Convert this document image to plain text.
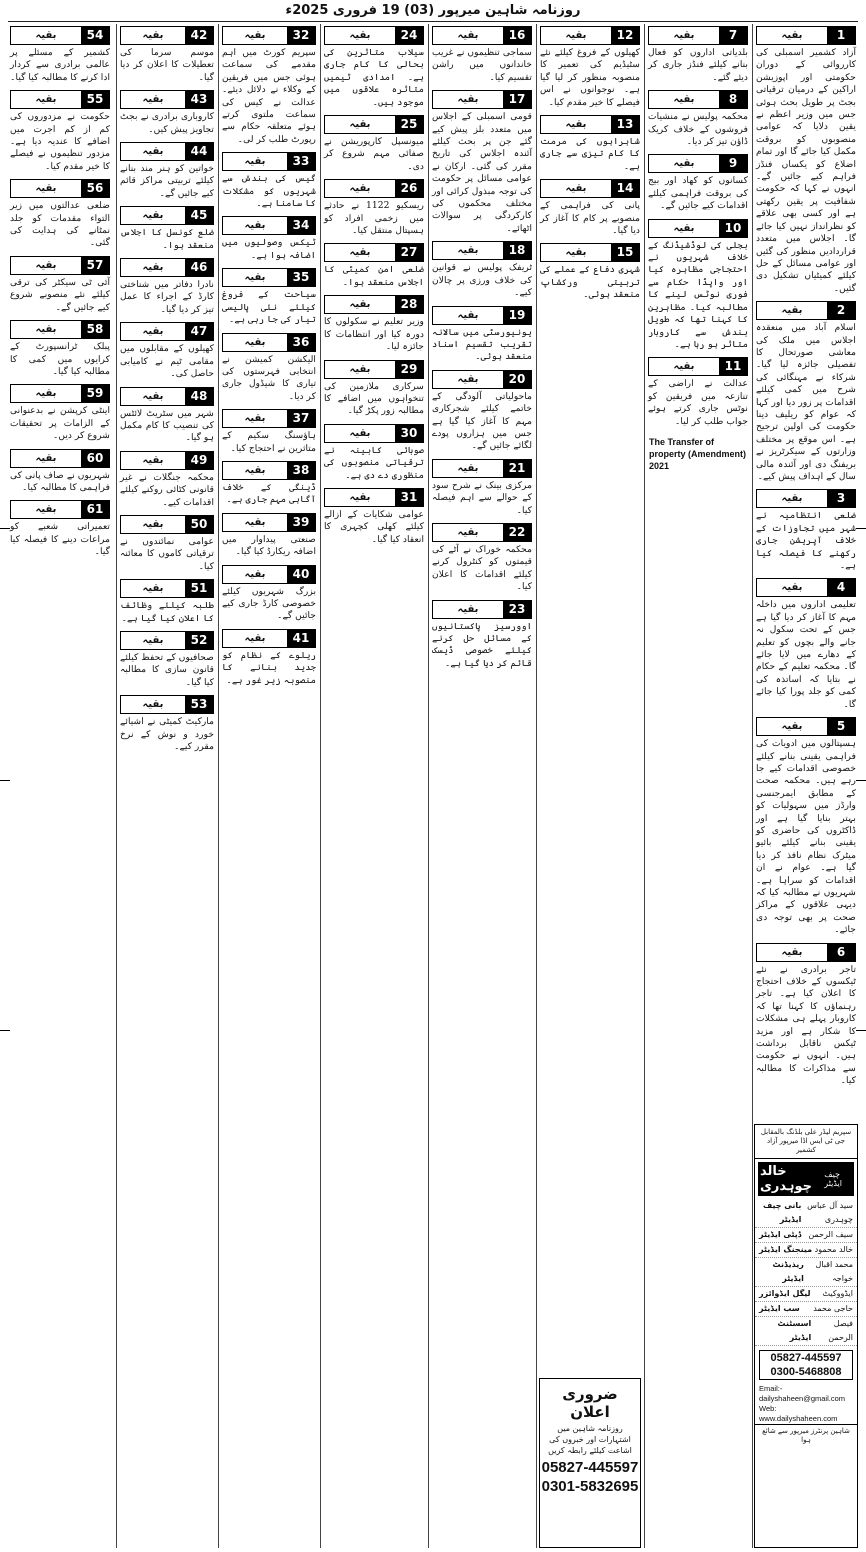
روزنامہ شاہین میرپور (03) 19 فروری 2025ء
1
بقیہ
آزاد کشمیر اسمبلی کی کارروائی کے دوران حکومتی اور اپوزیشن اراکین کے درمیان ترقیاتی بجٹ پر طویل بحث ہوئی جس میں وزیر اعظم نے یقین دلایا کہ عوامی منصوبوں کو بروقت مکمل کیا جائے گا اور تمام اضلاع کو یکساں فنڈز فراہم کیے جائیں گے۔ انہوں نے کہا کہ حکومت شفافیت پر یقین رکھتی ہے اور کسی بھی علاقے کو نظرانداز نہیں کیا جائے گا۔ اجلاس میں متعدد قراردادیں منظور کی گئیں اور عوامی مسائل کے حل کیلئے کمیٹیاں تشکیل دی گئیں۔
2
بقیہ
اسلام آباد میں منعقدہ اجلاس میں ملک کی معاشی صورتحال کا تفصیلی جائزہ لیا گیا۔ شرکاء نے مہنگائی کی شرح میں کمی کیلئے اقدامات پر زور دیا اور کہا کہ عوام کو ریلیف دینا حکومت کی اولین ترجیح ہے۔ اس موقع پر مختلف وزارتوں کے سیکرٹریز نے بریفنگ دی اور آئندہ مالی سال کے اہداف پیش کیے۔
3
بقیہ
ضلعی انتظامیہ نے شہر میں تجاوزات کے خلاف آپریشن جاری رکھنے کا فیصلہ کیا ہے۔
4
بقیہ
تعلیمی اداروں میں داخلہ مہم کا آغاز کر دیا گیا ہے جس کے تحت سکول نہ جانے والے بچوں کو تعلیم کے دھارے میں لایا جائے گا۔ محکمہ تعلیم کے حکام نے بتایا کہ اساتذہ کی کمی کو جلد پورا کیا جائے گا۔
5
بقیہ
ہسپتالوں میں ادویات کی فراہمی یقینی بنانے کیلئے خصوصی اقدامات کیے جا رہے ہیں۔ محکمہ صحت کے مطابق ایمرجنسی وارڈز میں سہولیات کو بہتر بنایا گیا ہے اور ڈاکٹروں کی حاضری کو یقینی بنانے کیلئے بائیو میٹرک نظام نافذ کر دیا گیا ہے۔ عوام نے ان اقدامات کو سراہا ہے۔ شہریوں نے مطالبہ کیا کہ دیہی علاقوں کے مراکز صحت پر بھی توجہ دی جائے۔
6
بقیہ
تاجر برادری نے نئے ٹیکسوں کے خلاف احتجاج کا اعلان کیا ہے۔ تاجر رہنماؤں کا کہنا تھا کہ کاروبار پہلے ہی مشکلات کا شکار ہے اور مزید ٹیکس ناقابل برداشت ہیں۔ انہوں نے حکومت سے مذاکرات کا مطالبہ کیا۔
سپریم لیڈر علی بلڈنگ بالمقابل جی ٹی ایس اڈا میرپور آزاد کشمیر
چیف ایڈیٹر
خالد چوہدری
بانی چیف ایڈیٹر
سید آل عباس چوہدری
ڈپٹی ایڈیٹر سیف الرحمن
مینجنگ ایڈیٹر خالد محمود
ریذیڈنٹ ایڈیٹر
محمد اقبال خواجہ
لیگل ایڈوائزر ایڈووکیٹ
سب ایڈیٹر حاجی محمد
اسسٹنٹ ایڈیٹر
فیصل الرحمن
05827-445597
0300-5468808
Email:-dailyshaheen@gmail.com
Web: www.dailyshaheen.com
شاہین پرنٹرز میرپور سے شائع ہوا
7
بقیہ
بلدیاتی اداروں کو فعال بنانے کیلئے فنڈز جاری کر دیئے گئے۔
8
بقیہ
محکمہ پولیس نے منشیات فروشوں کے خلاف کریک ڈاؤن تیز کر دیا۔
9
بقیہ
کسانوں کو کھاد اور بیج کی بروقت فراہمی کیلئے اقدامات کیے جائیں گے۔
10
بقیہ
بجلی کی لوڈشیڈنگ کے خلاف شہریوں نے احتجاجی مظاہرہ کیا اور واپڈا حکام سے فوری نوٹس لینے کا مطالبہ کیا۔ مظاہرین کا کہنا تھا کہ طویل بندش سے کاروبار متاثر ہو رہا ہے۔
11
بقیہ
عدالت نے اراضی کے تنازعہ میں فریقین کو نوٹس جاری کرتے ہوئے جواب طلب کر لیا۔
The Transfer of property (Amendment) 2021
12
بقیہ
کھیلوں کے فروغ کیلئے نئے سٹیڈیم کی تعمیر کا منصوبہ منظور کر لیا گیا ہے۔ نوجوانوں نے اس فیصلے کا خیر مقدم کیا۔
13
بقیہ
شاہراہوں کی مرمت کا کام تیزی سے جاری ہے۔
14
بقیہ
پانی کی فراہمی کے منصوبے پر کام کا آغاز کر دیا گیا۔
15
بقیہ
شہری دفاع کے عملے کی تربیتی ورکشاپ منعقد ہوئی۔
ضروری اعلان
روزنامہ شاہین میں اشتہارات اور خبروں کی اشاعت کیلئے رابطہ کریں
05827-445597
0301-5832695
16
بقیہ
سماجی تنظیموں نے غریب خاندانوں میں راشن تقسیم کیا۔
17
بقیہ
قومی اسمبلی کے اجلاس میں متعدد بلز پیش کیے گئے جن پر بحث کیلئے آئندہ اجلاس کی تاریخ مقرر کی گئی۔ ارکان نے عوامی مسائل پر حکومت کی توجہ مبذول کرائی اور مختلف محکموں کی کارکردگی پر سوالات اٹھائے۔
18
بقیہ
ٹریفک پولیس نے قوانین کی خلاف ورزی پر چالان کیے۔
19
بقیہ
یونیورسٹی میں سالانہ تقریب تقسیم اسناد منعقد ہوئی۔
20
بقیہ
ماحولیاتی آلودگی کے خاتمے کیلئے شجرکاری مہم کا آغاز کیا گیا ہے جس میں ہزاروں پودے لگائے جائیں گے۔
21
بقیہ
مرکزی بینک نے شرح سود کے حوالے سے اہم فیصلہ کیا۔
22
بقیہ
محکمہ خوراک نے آٹے کی قیمتوں کو کنٹرول کرنے کیلئے اقدامات کا اعلان کیا۔
23
بقیہ
اوورسیز پاکستانیوں کے مسائل حل کرنے کیلئے خصوصی ڈیسک قائم کر دیا گیا ہے۔
24
بقیہ
سیلاب متاثرین کی بحالی کا کام جاری ہے۔ امدادی ٹیمیں متاثرہ علاقوں میں موجود ہیں۔
25
بقیہ
میونسپل کارپوریشن نے صفائی مہم شروع کر دی۔
26
بقیہ
ریسکیو 1122 نے حادثے میں زخمی افراد کو ہسپتال منتقل کیا۔
27
بقیہ
ضلعی امن کمیٹی کا اجلاس منعقد ہوا۔
28
بقیہ
وزیر تعلیم نے سکولوں کا دورہ کیا اور انتظامات کا جائزہ لیا۔
29
بقیہ
سرکاری ملازمین کی تنخواہوں میں اضافے کا مطالبہ زور پکڑ گیا۔
30
بقیہ
صوبائی کابینہ نے ترقیاتی منصوبوں کی منظوری دے دی ہے۔
31
بقیہ
عوامی شکایات کے ازالے کیلئے کھلی کچہری کا انعقاد کیا گیا۔
32
بقیہ
سپریم کورٹ میں اہم مقدمے کی سماعت ہوئی جس میں فریقین کے وکلاء نے دلائل دیئے۔ عدالت نے کیس کی سماعت ملتوی کرتے ہوئے متعلقہ حکام سے رپورٹ طلب کر لی۔
33
بقیہ
گیس کی بندش سے شہریوں کو مشکلات کا سامنا ہے۔
34
بقیہ
ٹیکس وصولیوں میں اضافہ ہوا ہے۔
35
بقیہ
سیاحت کے فروغ کیلئے نئی پالیسی تیار کی جا رہی ہے۔
36
بقیہ
الیکشن کمیشن نے انتخابی فہرستوں کی تیاری کا شیڈول جاری کر دیا۔
37
بقیہ
ہاؤسنگ سکیم کے متاثرین نے احتجاج کیا۔
38
بقیہ
ڈینگی کے خلاف آگاہی مہم جاری ہے۔
39
بقیہ
صنعتی پیداوار میں اضافہ ریکارڈ کیا گیا۔
40
بقیہ
بزرگ شہریوں کیلئے خصوصی کارڈ جاری کیے جائیں گے۔
41
بقیہ
ریلوے کے نظام کو جدید بنانے کا منصوبہ زیر غور ہے۔
42
بقیہ
موسم سرما کی تعطیلات کا اعلان کر دیا گیا۔
43
بقیہ
کاروباری برادری نے بجٹ تجاویز پیش کیں۔
44
بقیہ
خواتین کو ہنر مند بنانے کیلئے تربیتی مراکز قائم کیے جائیں گے۔
45
بقیہ
ضلع کونسل کا اجلاس منعقد ہوا۔
46
بقیہ
نادرا دفاتر میں شناختی کارڈ کے اجراء کا عمل تیز کر دیا گیا۔
47
بقیہ
کھیلوں کے مقابلوں میں مقامی ٹیم نے کامیابی حاصل کی۔
48
بقیہ
شہر میں سٹریٹ لائٹس کی تنصیب کا کام مکمل ہو گیا۔
49
بقیہ
محکمہ جنگلات نے غیر قانونی کٹائی روکنے کیلئے اقدامات کیے۔
50
بقیہ
عوامی نمائندوں نے ترقیاتی کاموں کا معائنہ کیا۔
51
بقیہ
طلبہ کیلئے وظائف کا اعلان کیا گیا ہے۔
52
بقیہ
صحافیوں کے تحفظ کیلئے قانون سازی کا مطالبہ کیا گیا۔
53
بقیہ
مارکیٹ کمیٹی نے اشیائے خورد و نوش کے نرخ مقرر کیے۔
54
بقیہ
کشمیر کے مسئلے پر عالمی برادری سے کردار ادا کرنے کا مطالبہ کیا گیا۔
55
بقیہ
حکومت نے مزدوروں کی کم از کم اجرت میں اضافے کا عندیہ دیا ہے۔ مزدور تنظیموں نے فیصلے کا خیر مقدم کیا۔
56
بقیہ
ضلعی عدالتوں میں زیر التواء مقدمات کو جلد نمٹانے کی ہدایت کی گئی۔
57
بقیہ
آئی ٹی سیکٹر کی ترقی کیلئے نئے منصوبے شروع کیے جائیں گے۔
58
بقیہ
پبلک ٹرانسپورٹ کے کرایوں میں کمی کا مطالبہ کیا گیا۔
59
بقیہ
اینٹی کرپشن نے بدعنوانی کے الزامات پر تحقیقات شروع کر دیں۔
60
بقیہ
شہریوں نے صاف پانی کی فراہمی کا مطالبہ کیا۔
61
بقیہ
تعمیراتی شعبے کو مراعات دینے کا فیصلہ کیا گیا۔
